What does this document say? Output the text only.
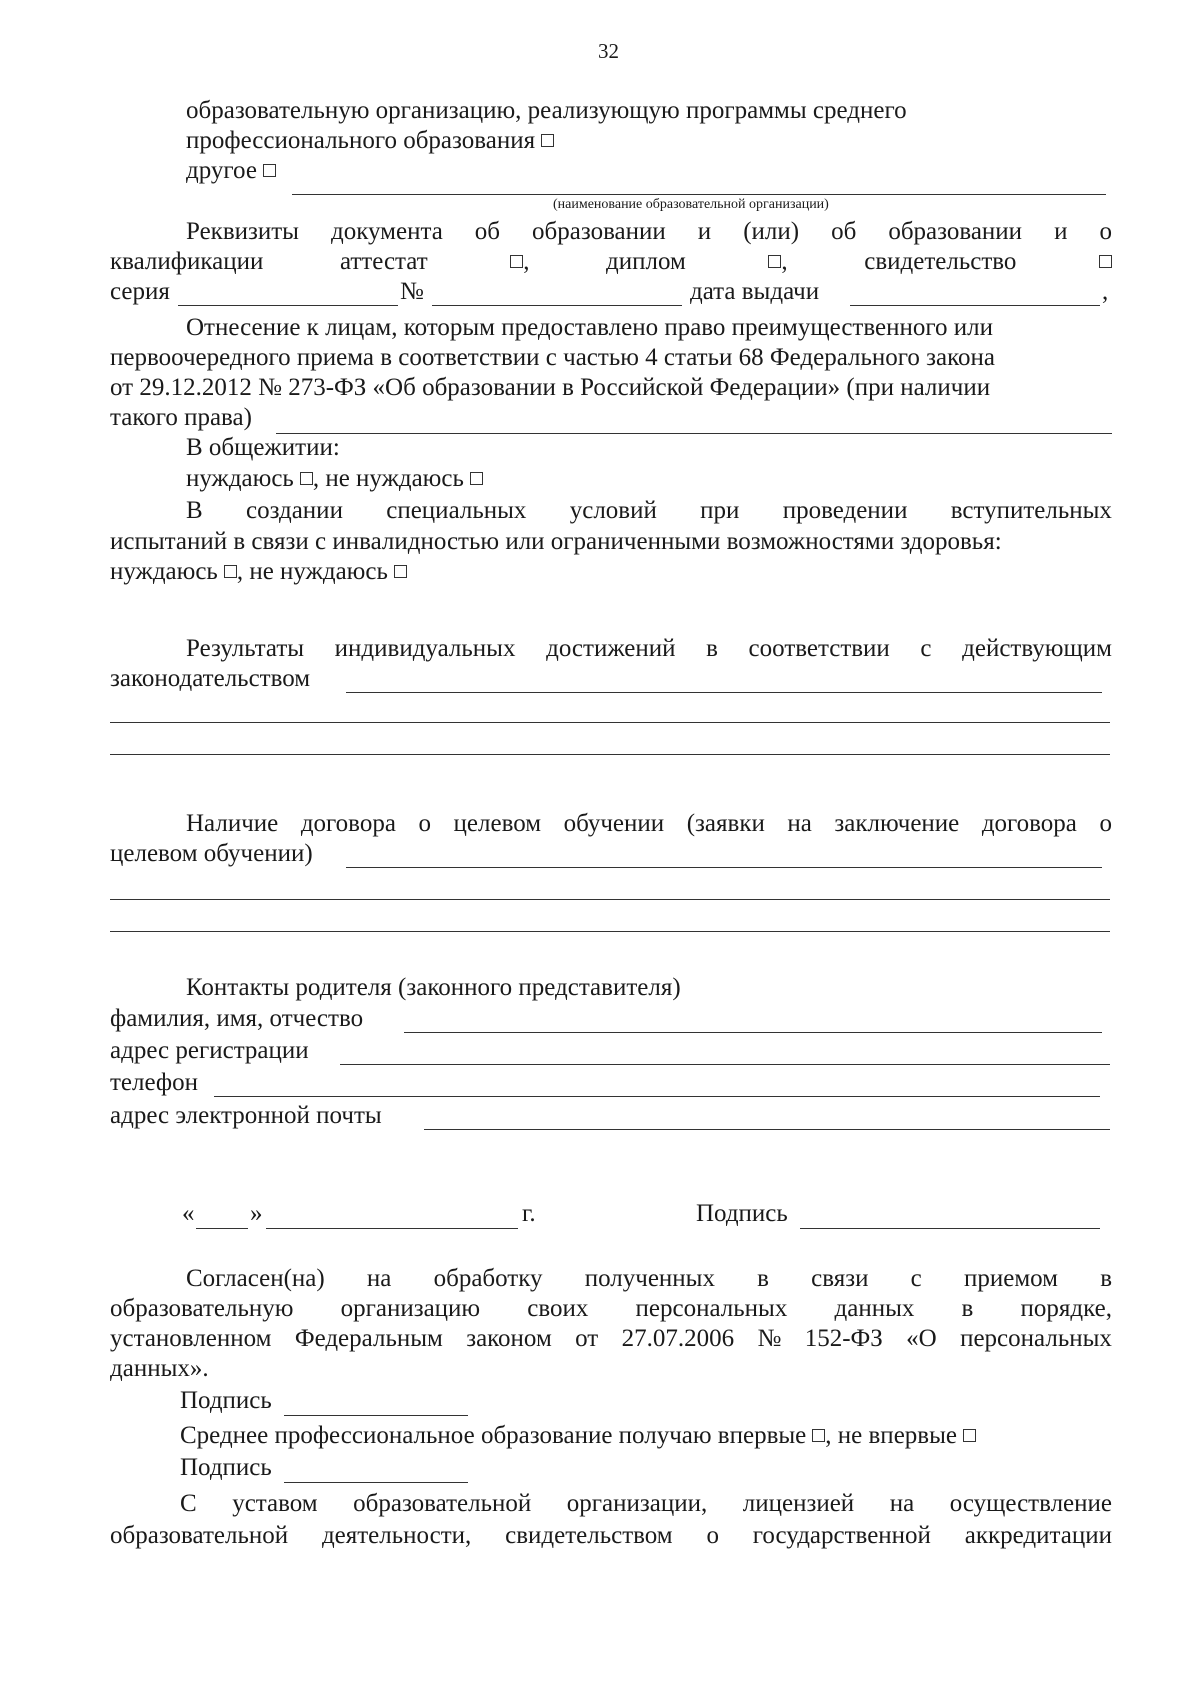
32
образовательную организацию, реализующую программы среднего
профессионального образования
другое
(наименование образовательной организации)
Реквизиты документа об образовании и (или) об образовании и о
квалификации	аттестат	,	диплом	,	свидетельство
серия	№	дата выдачи	,
Отнесение к лицам, которым предоставлено право преимущественного или
первоочередного приема в соответствии с частью 4 статьи 68 Федерального закона
от 29.12.2012 № 273-ФЗ «Об образовании в Российской Федерации» (при наличии
такого права)
В общежитии:
нуждаюсь , не нуждаюсь
В создании специальных условий при проведении вступительных
испытаний в связи с инвалидностью или ограниченными возможностями здоровья:
нуждаюсь , не нуждаюсь
Результаты индивидуальных достижений в соответствии с действующим
законодательством
Наличие договора о целевом обучении (заявки на заключение договора о
целевом обучении)
Контакты родителя (законного представителя)
фамилия, имя, отчество
адрес регистрации
телефон
адрес электронной почты
« »	г.	Подпись
Согласен(на) на обработку полученных в связи с приемом в
образовательную организацию своих персональных данных в порядке,
установленном Федеральным законом от 27.07.2006 № 152-ФЗ «О персональных
данных».
Подпись
Среднее профессиональное образование получаю впервые , не впервые
Подпись
С уставом образовательной организации, лицензией на осуществление
образовательной деятельности, свидетельством о государственной аккредитации
